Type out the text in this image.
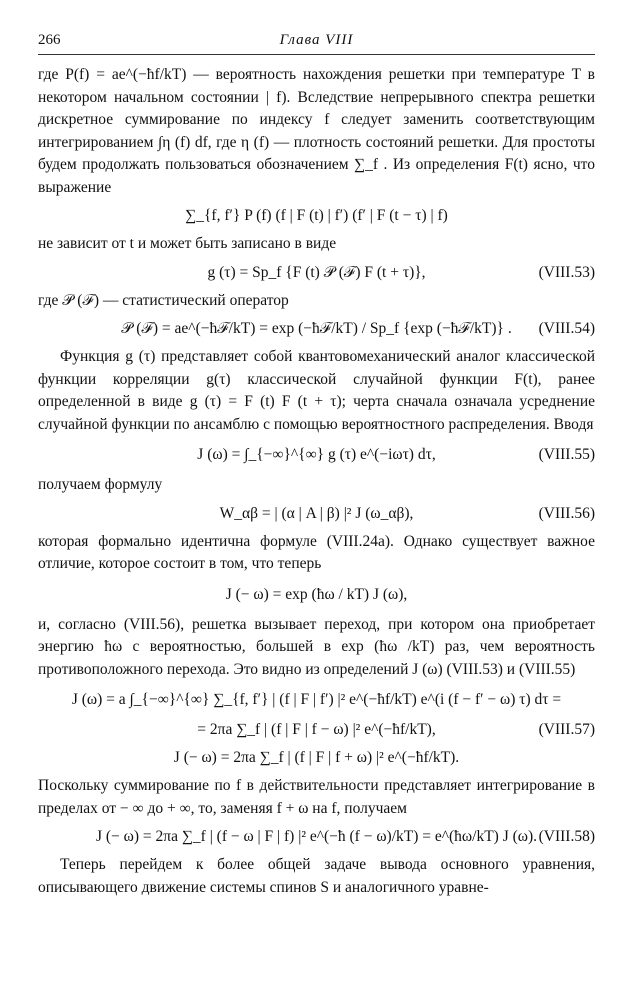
266	Глава VIII

где P(f) = ae^(−ħf/kT) — вероятность нахождения решетки при температуре T в некотором начальном состоянии | f). Вследствие непрерывного спектра решетки дискретное суммирование по индексу f следует заменить соответствующим интегрированием ∫η (f) df, где η (f) — плотность состояний решетки. Для простоты будем продолжать пользоваться обозначением ∑_f . Из определения F(t) ясно, что выражение

∑_{f, f′} P (f) (f | F (t) | f′) (f′ | F (t − τ) | f)

не зависит от t и может быть записано в виде

g (τ) = Sp_f {F (t) 𝒫 (ℱ) F (t + τ)},	(VIII.53)

где 𝒫 (ℱ) — статистический оператор

𝒫 (ℱ) = ae^(−ħℱ/kT) = exp (−ħℱ/kT) / Sp_f {exp (−ħℱ/kT)} . (VIII.54)

Функция g (τ) представляет собой квантовомеханический аналог классической функции корреляции g(τ) классической случайной функции F(t), ранее определенной в виде g (τ) = F (t) F (t + τ); черта сначала означала усреднение случайной функции по ансамблю с помощью вероятностного распределения. Вводя

J (ω) = ∫_{−∞}^{∞} g (τ) e^(−iωτ) dτ,	(VIII.55)

получаем формулу

W_αβ = | (α | A | β) |² J (ω_αβ),	(VIII.56)

которая формально идентична формуле (VIII.24а). Однако существует важное отличие, которое состоит в том, что теперь

J (− ω) = exp (ħω / kT) J (ω),

и, согласно (VIII.56), решетка вызывает переход, при котором она приобретает энергию ħω с вероятностью, большей в exp (ħω /kT) раз, чем вероятность противоположного перехода. Это видно из определений J (ω) (VIII.53) и (VIII.55)

J (ω) = a ∫_{−∞}^{∞} ∑_{f, f′} | (f | F | f′) |² e^(−ħf/kT) e^(i (f − f′ − ω) τ) dτ =
= 2πa ∑_f | (f | F | f − ω) |² e^(−ħf/kT),	(VIII.57)
J (− ω) = 2πa ∑_f | (f | F | f + ω) |² e^(−ħf/kT).

Поскольку суммирование по f в действительности представляет интегрирование в пределах от − ∞ до + ∞, то, заменяя f + ω на f, получаем

J (− ω) = 2πa ∑_f | (f − ω | F | f) |² e^(−ħ (f − ω)/kT) = e^(ħω/kT) J (ω). (VIII.58)

Теперь перейдем к более общей задаче вывода основного уравнения, описывающего движение системы спинов S и аналогичного уравне-
